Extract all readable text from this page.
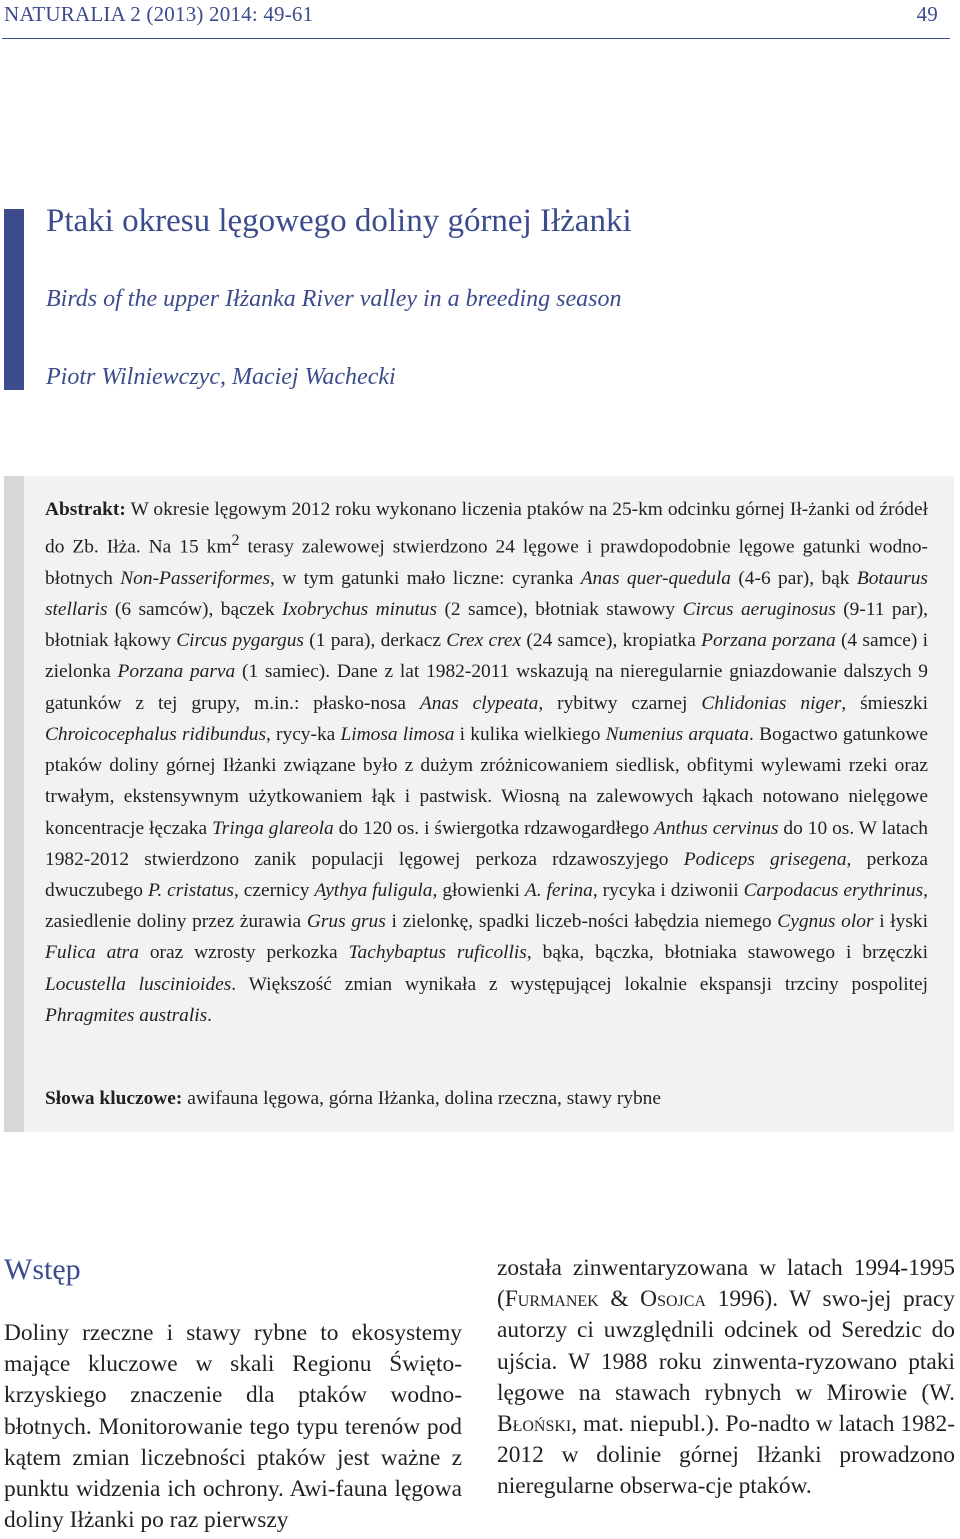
NATURALIA 2 (2013) 2014: 49-61	49
Ptaki okresu lęgowego doliny górnej Iłżanki

Birds of the upper Iłżanka River valley in a breeding season

Piotr Wilniewczyc, Maciej Wachecki

Abstrakt: W okresie lęgowym 2012 roku wykonano liczenia ptaków na 25-km odcinku górnej Ił-żanki od źródeł do Zb. Iłża. Na 15 $km^2$ terasy zalewowej stwierdzono 24 lęgowe i prawdopodobnie lęgowe gatunki wodno-błotnych Non-Passeriformes, w tym gatunki mało liczne: cyranka Anas quer-quedula (4-6 par), bąk Botaurus stellaris (6 samców), bączek Ixobrychus minutus (2 samce), błotniak stawowy Circus aeruginosus (9-11 par), błotniak łąkowy Circus pygargus (1 para), derkacz Crex crex (24 samce), kropiatka Porzana porzana (4 samce) i zielonka Porzana parva (1 samiec). Dane z lat 1982-2011 wskazują na nieregularnie gniazdowanie dalszych 9 gatunków z tej grupy, m.in.: płasko-nosa Anas clypeata, rybitwy czarnej Chlidonias niger, śmieszki Chroicocephalus ridibundus, rycy-ka Limosa limosa i kulika wielkiego Numenius arquata. Bogactwo gatunkowe ptaków doliny górnej Iłżanki związane było z dużym zróżnicowaniem siedlisk, obfitymi wylewami rzeki oraz trwałym, ekstensywnym użytkowaniem łąk i pastwisk. Wiosną na zalewowych łąkach notowano nielęgowe koncentracje łęczaka Tringa glareola do 120 os. i świergotka rdzawogardłego Anthus cervinus do 10 os. W latach 1982-2012 stwierdzono zanik populacji lęgowej perkoza rdzawoszyjego Podiceps grisegena, perkoza dwuczubego P. cristatus, czernicy Aythya fuligula, głowienki A. ferina, rycyka i dziwonii Carpodacus erythrinus, zasiedlenie doliny przez żurawia Grus grus i zielonkę, spadki liczeb-ności łabędzia niemego Cygnus olor i łyski Fulica atra oraz wzrosty perkozka Tachybaptus ruficollis, bąka, bączka, błotniaka stawowego i brzęczki Locustella luscinioides. Większość zmian wynikała z występującej lokalnie ekspansji trzciny pospolitej Phragmites australis.

Słowa kluczowe: awifauna lęgowa, górna Iłżanka, dolina rzeczna, stawy rybne

Wstęp

Doliny rzeczne i stawy rybne to ekosystemy mające kluczowe w skali Regionu Święto-krzyskiego znaczenie dla ptaków wodno-błotnych. Monitorowanie tego typu terenów pod kątem zmian liczebności ptaków jest ważne z punktu widzenia ich ochrony. Awi-fauna lęgowa doliny Iłżanki po raz pierwszy

została zinwentaryzowana w latach 1994-1995 (Furmanek & Osojca 1996). W swo-jej pracy autorzy ci uwzględnili odcinek od Seredzic do ujścia. W 1988 roku zinwenta-ryzowano ptaki lęgowe na stawach rybnych w Mirowie (W. Błoński, mat. niepubl.). Po-nadto w latach 1982-2012 w dolinie górnej Iłżanki prowadzono nieregularne obserwa-cje ptaków.
